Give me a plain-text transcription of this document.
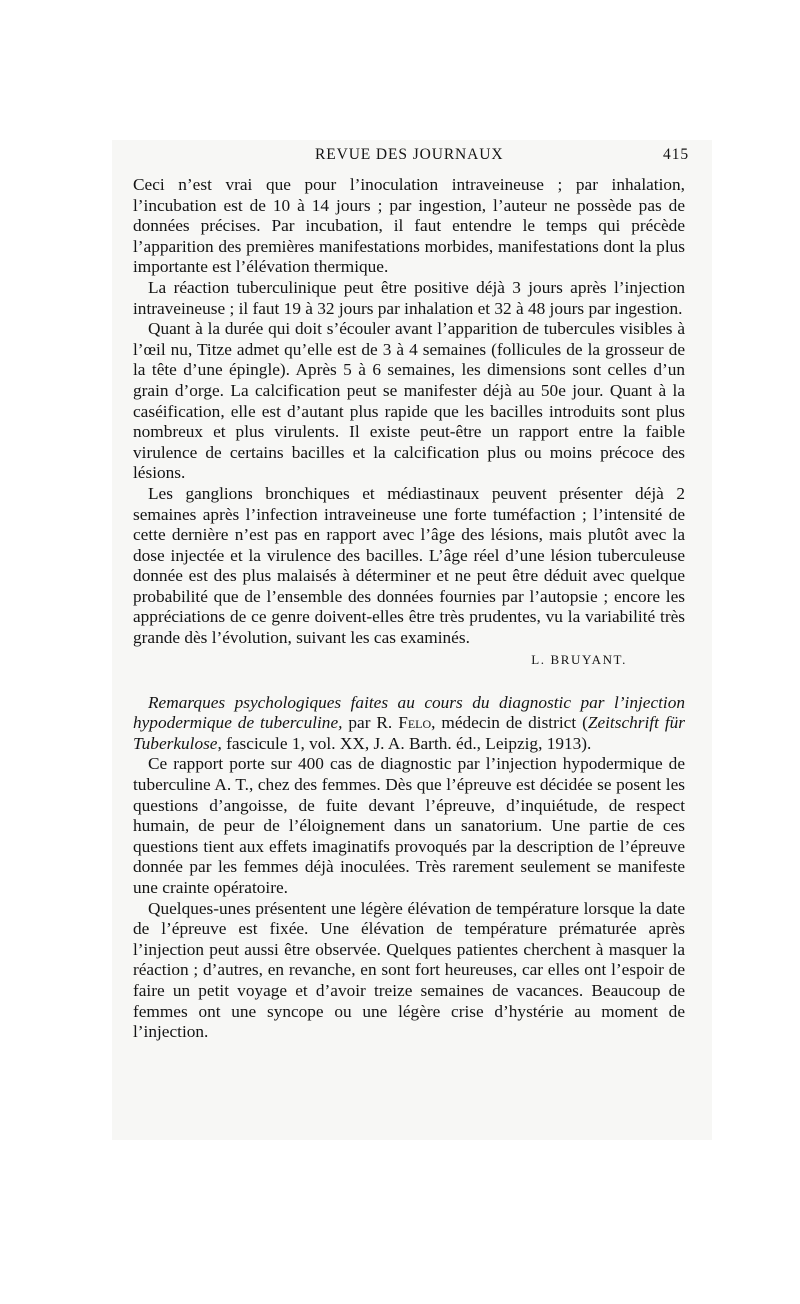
REVUE DES JOURNAUX	415

Ceci n’est vrai que pour l’inoculation intraveineuse ; par inhalation, l’incubation est de 10 à 14 jours ; par ingestion, l’auteur ne possède pas de données précises. Par incubation, il faut entendre le temps qui précède l’apparition des premières manifestations morbides, manifestations dont la plus importante est l’élévation thermique.

La réaction tuberculinique peut être positive déjà 3 jours après l’injection intraveineuse ; il faut 19 à 32 jours par inhalation et 32 à 48 jours par ingestion.

Quant à la durée qui doit s’écouler avant l’apparition de tubercules visibles à l’œil nu, Titze admet qu’elle est de 3 à 4 semaines (follicules de la grosseur de la tête d’une épingle). Après 5 à 6 semaines, les dimensions sont celles d’un grain d’orge. La calcification peut se manifester déjà au 50e jour. Quant à la caséification, elle est d’autant plus rapide que les bacilles introduits sont plus nombreux et plus virulents. Il existe peut-être un rapport entre la faible virulence de certains bacilles et la calcification plus ou moins précoce des lésions.

Les ganglions bronchiques et médiastinaux peuvent présenter déjà 2 semaines après l’infection intraveineuse une forte tuméfaction ; l’intensité de cette dernière n’est pas en rapport avec l’âge des lésions, mais plutôt avec la dose injectée et la virulence des bacilles. L’âge réel d’une lésion tuberculeuse donnée est des plus malaisés à déterminer et ne peut être déduit avec quelque probabilité que de l’ensemble des données fournies par l’autopsie ; encore les appréciations de ce genre doivent-elles être très prudentes, vu la variabilité très grande dès l’évolution, suivant les cas examinés.

L. BRUYANT.

Remarques psychologiques faites au cours du diagnostic par l’injection hypodermique de tuberculine, par R. Felo, médecin de district (Zeitschrift für Tuberkulose, fascicule 1, vol. XX, J. A. Barth. éd., Leipzig, 1913).

Ce rapport porte sur 400 cas de diagnostic par l’injection hypodermique de tuberculine A. T., chez des femmes. Dès que l’épreuve est décidée se posent les questions d’angoisse, de fuite devant l’épreuve, d’inquiétude, de respect humain, de peur de l’éloignement dans un sanatorium. Une partie de ces questions tient aux effets imaginatifs provoqués par la description de l’épreuve donnée par les femmes déjà inoculées. Très rarement seulement se manifeste une crainte opératoire.

Quelques-unes présentent une légère élévation de température lorsque la date de l’épreuve est fixée. Une élévation de température prématurée après l’injection peut aussi être observée. Quelques patientes cherchent à masquer la réaction ; d’autres, en revanche, en sont fort heureuses, car elles ont l’espoir de faire un petit voyage et d’avoir treize semaines de vacances. Beaucoup de femmes ont une syncope ou une légère crise d’hystérie au moment de l’injection.
